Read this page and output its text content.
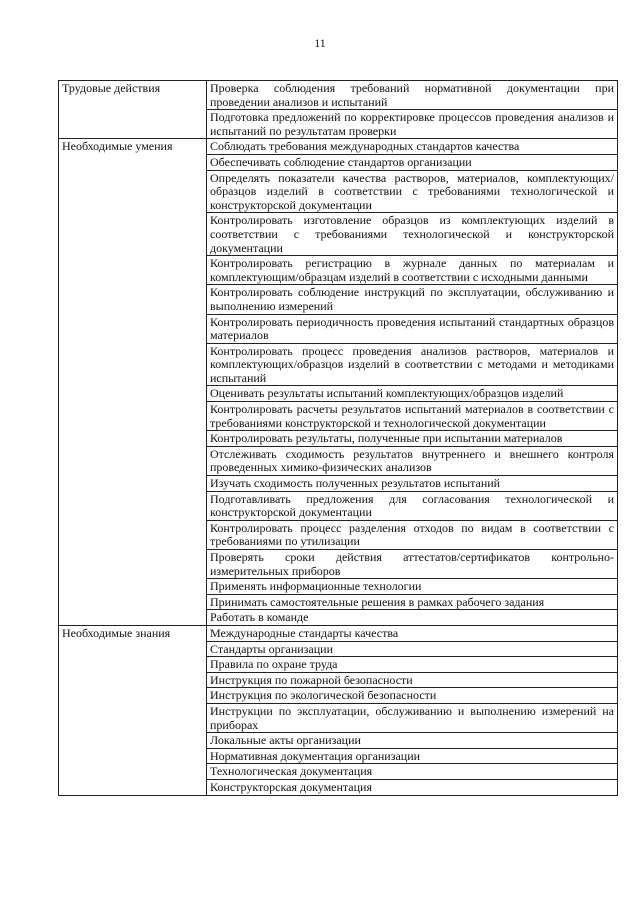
11
Трудовые действия	Проверка соблюдения требований нормативной документации при проведении анализов и испытаний
	Подготовка предложений по корректировке процессов проведения анализов и испытаний по результатам проверки
Необходимые умения	Соблюдать требования международных стандартов качества
	Обеспечивать соблюдение стандартов организации
	Определять показатели качества растворов, материалов, комплектующих/образцов изделий в соответствии с требованиями технологической и конструкторской документации
	Контролировать изготовление образцов из комплектующих изделий в соответствии с требованиями технологической и конструкторской документации
	Контролировать регистрацию в журнале данных по материалам и комплектующим/образцам изделий в соответствии с исходными данными
	Контролировать соблюдение инструкций по эксплуатации, обслуживанию и выполнению измерений
	Контролировать периодичность проведения испытаний стандартных образцов материалов
	Контролировать процесс проведения анализов растворов, материалов и комплектующих/образцов изделий в соответствии с методами и методиками испытаний
	Оценивать результаты испытаний комплектующих/образцов изделий
	Контролировать расчеты результатов испытаний материалов в соответствии с требованиями конструкторской и технологической документации
	Контролировать результаты, полученные при испытании материалов
	Отслеживать сходимость результатов внутреннего и внешнего контроля проведенных химико-физических анализов
	Изучать сходимость полученных результатов испытаний
	Подготавливать предложения для согласования технологической и конструкторской документации
	Контролировать процесс разделения отходов по видам в соответствии с требованиями по утилизации
	Проверять сроки действия аттестатов/сертификатов контрольно-измерительных приборов
	Применять информационные технологии
	Принимать самостоятельные решения в рамках рабочего задания
	Работать в команде
Необходимые знания	Международные стандарты качества
	Стандарты организации
	Правила по охране труда
	Инструкция по пожарной безопасности
	Инструкция по экологической безопасности
	Инструкции по эксплуатации, обслуживанию и выполнению измерений на приборах
	Локальные акты организации
	Нормативная документация организации
	Технологическая документация
	Конструкторская документация
